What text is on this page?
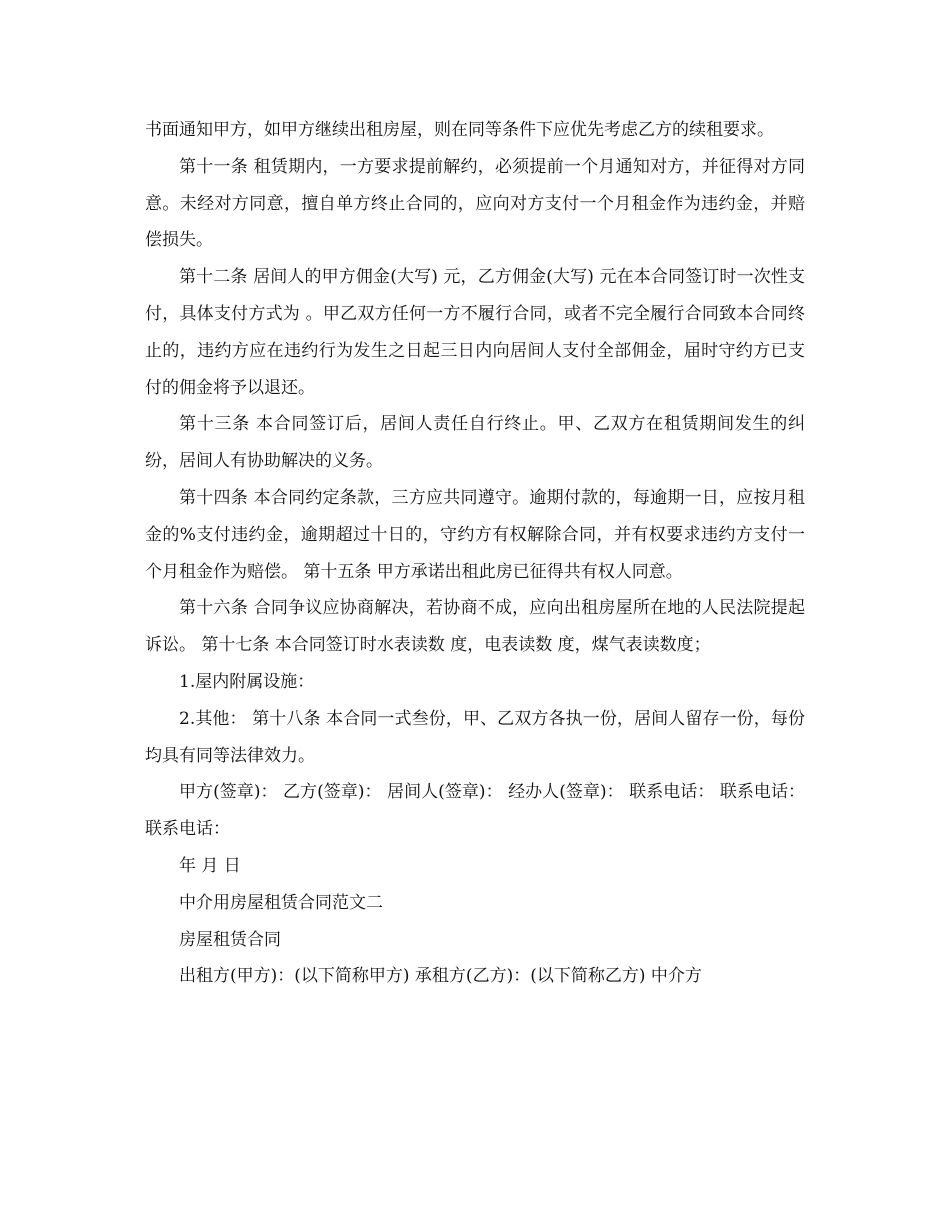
书面通知甲方，如甲方继续出租房屋，则在同等条件下应优先考虑乙方的续租要求。

第十一条 租赁期内，一方要求提前解约，必须提前一个月通知对方，并征得对方同意。未经对方同意，擅自单方终止合同的，应向对方支付一个月租金作为违约金，并赔偿损失。

第十二条 居间人的甲方佣金(大写) 元，乙方佣金(大写) 元在本合同签订时一次性支付，具体支付方式为 。甲乙双方任何一方不履行合同，或者不完全履行合同致本合同终止的，违约方应在违约行为发生之日起三日内向居间人支付全部佣金，届时守约方已支付的佣金将予以退还。

第十三条 本合同签订后，居间人责任自行终止。甲、乙双方在租赁期间发生的纠纷，居间人有协助解决的义务。

第十四条 本合同约定条款，三方应共同遵守。逾期付款的，每逾期一日，应按月租金的%支付违约金，逾期超过十日的，守约方有权解除合同，并有权要求违约方支付一个月租金作为赔偿。 第十五条 甲方承诺出租此房已征得共有权人同意。

第十六条 合同争议应协商解决，若协商不成，应向出租房屋所在地的人民法院提起诉讼。 第十七条 本合同签订时水表读数 度，电表读数 度，煤气表读数度；

1.屋内附属设施：

2.其他： 第十八条 本合同一式叁份，甲、乙双方各执一份，居间人留存一份，每份均具有同等法律效力。

甲方(签章)： 乙方(签章)： 居间人(签章)： 经办人(签章)： 联系电话： 联系电话： 联系电话：

年 月 日

中介用房屋租赁合同范文二

房屋租赁合同

出租方(甲方)：(以下简称甲方) 承租方(乙方)：(以下简称乙方) 中介方
